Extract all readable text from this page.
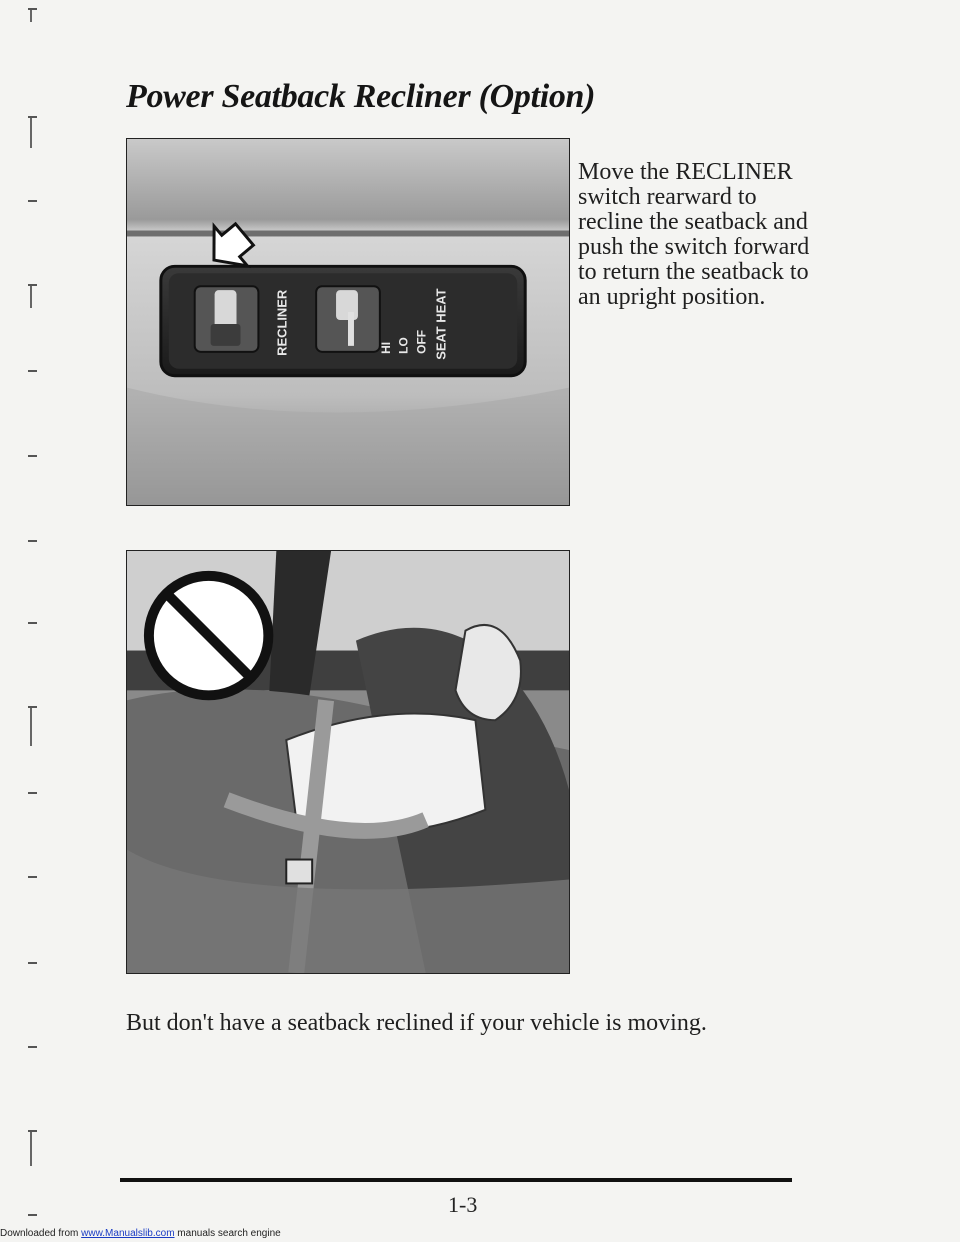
Power Seatback Recliner (Option)
RECLINER	HI LO OFF SEAT HEAT

Move the RECLINER switch rearward to recline the seatback and push the switch forward to return the seatback to an upright position.

But don't have a seatback reclined if your vehicle is moving.

1-3
Downloaded from www.Manualslib.com manuals search engine
